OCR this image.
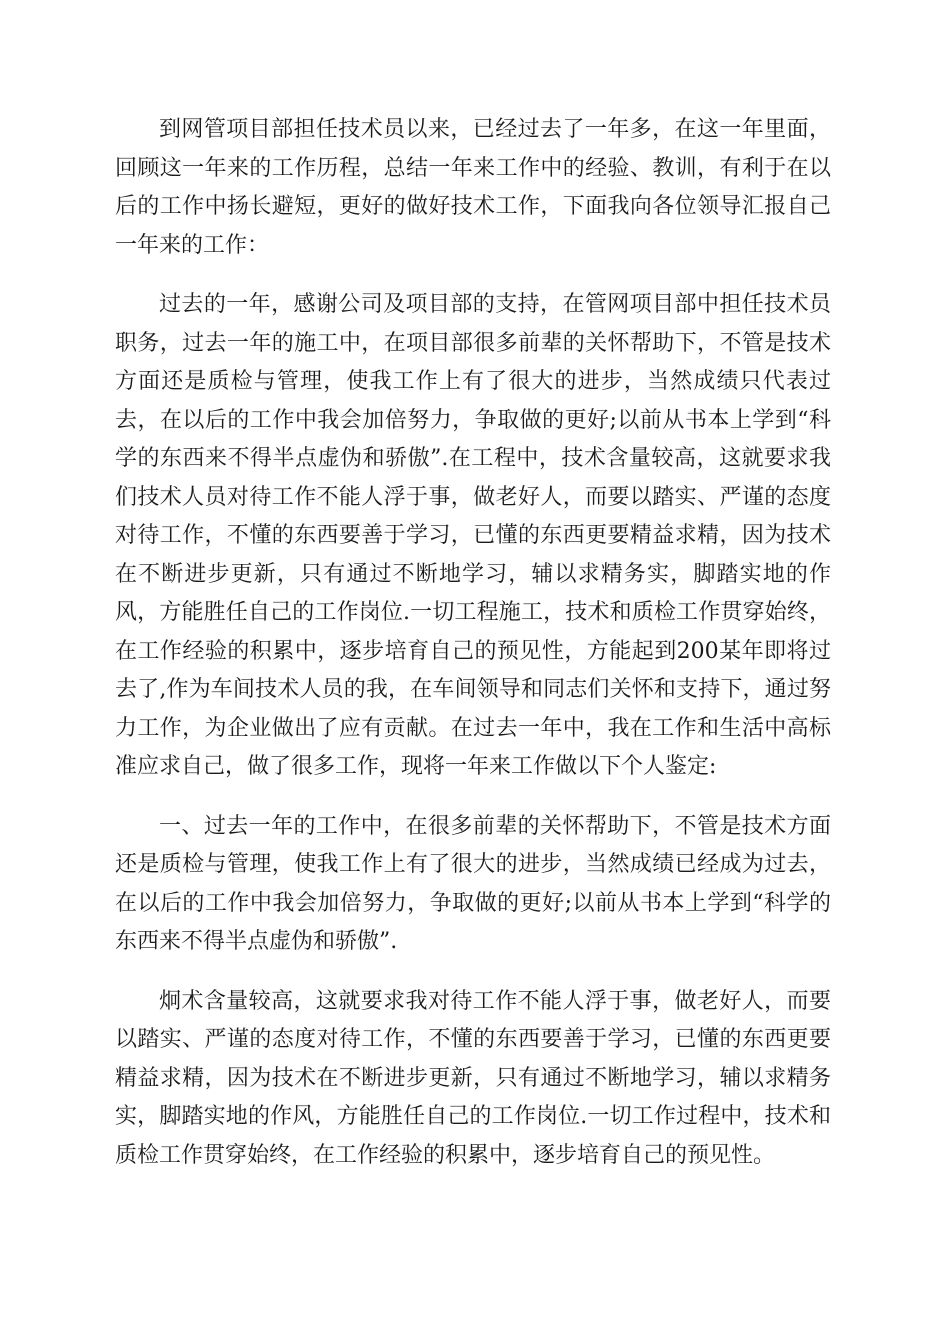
到网管项目部担任技术员以来，已经过去了一年多，在这一年里面，回顾这一年来的工作历程，总结一年来工作中的经验、教训，有利于在以后的工作中扬长避短，更好的做好技术工作，下面我向各位领导汇报自己一年来的工作：

过去的一年，感谢公司及项目部的支持，在管网项目部中担任技术员职务，过去一年的施工中，在项目部很多前辈的关怀帮助下，不管是技术方面还是质检与管理，使我工作上有了很大的进步，当然成绩只代表过去，在以后的工作中我会加倍努力，争取做的更好;以前从书本上学到“科学的东西来不得半点虚伪和骄傲”.在工程中，技术含量较高，这就要求我们技术人员对待工作不能人浮于事，做老好人，而要以踏实、严谨的态度对待工作，不懂的东西要善于学习，已懂的东西更要精益求精，因为技术在不断进步更新，只有通过不断地学习，辅以求精务实，脚踏实地的作风，方能胜任自己的工作岗位.一切工程施工，技术和质检工作贯穿始终，在工作经验的积累中，逐步培育自己的预见性，方能起到200某年即将过去了,作为车间技术人员的我，在车间领导和同志们关怀和支持下，通过努力工作，为企业做出了应有贡献。在过去一年中，我在工作和生活中高标准应求自己，做了很多工作，现将一年来工作做以下个人鉴定:

一、过去一年的工作中，在很多前辈的关怀帮助下，不管是技术方面还是质检与管理，使我工作上有了很大的进步，当然成绩已经成为过去，在以后的工作中我会加倍努力，争取做的更好;以前从书本上学到“科学的东西来不得半点虚伪和骄傲”.

炯术含量较高，这就要求我对待工作不能人浮于事，做老好人，而要以踏实、严谨的态度对待工作，不懂的东西要善于学习，已懂的东西更要精益求精，因为技术在不断进步更新，只有通过不断地学习，辅以求精务实，脚踏实地的作风，方能胜任自己的工作岗位.一切工作过程中，技术和质检工作贯穿始终，在工作经验的积累中，逐步培育自己的预见性。
